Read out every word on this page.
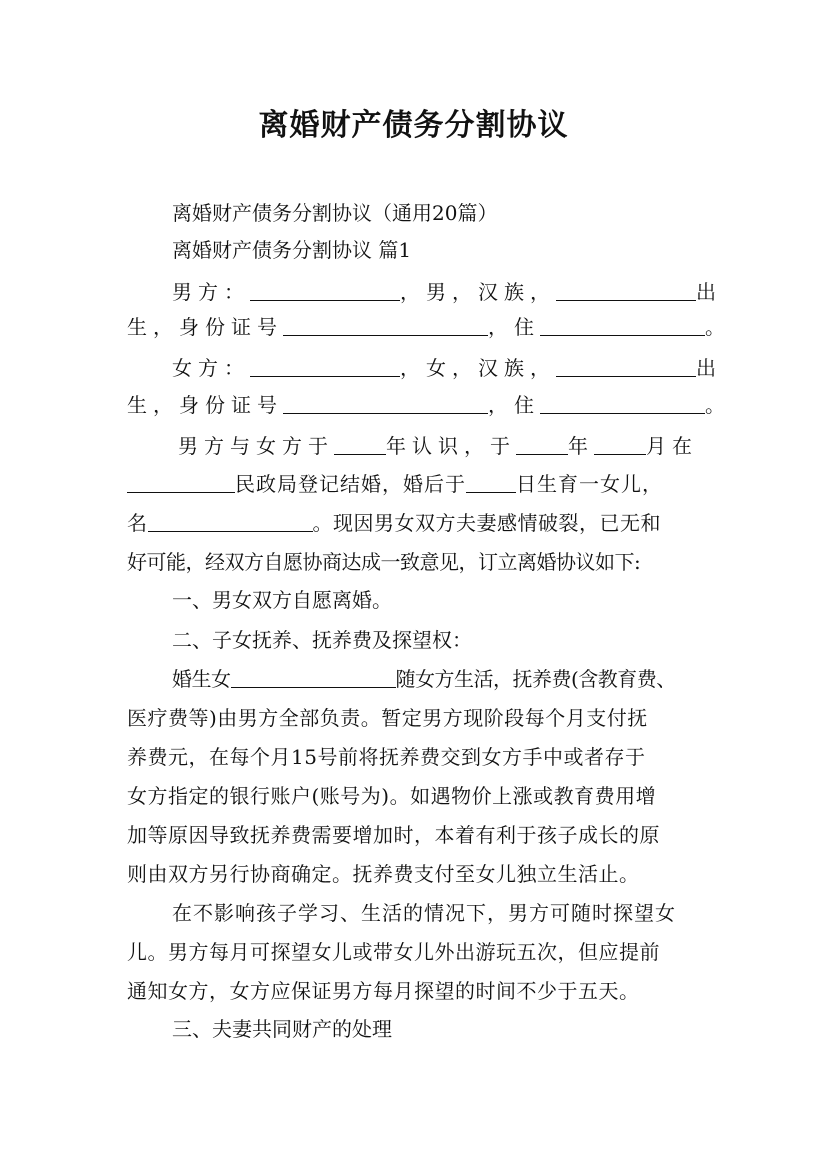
离婚财产债务分割协议
离婚财产债务分割协议（通用20篇）
离婚财产债务分割协议 篇1
男方：	，男，汉族，	出
生，身份证号	，住	。
女方：	，女，汉族，	出
生，身份证号	，住	。
男方与女方于	年认识，于	年	月在
民政局登记结婚，婚后于	日生育一女儿，
名	。现因男女双方夫妻感情破裂，已无和
好可能，经双方自愿协商达成一致意见，订立离婚协议如下:
一、男女双方自愿离婚。
二、子女抚养、抚养费及探望权：
婚生女	随女方生活，抚养费(含教育费、
医疗费等)由男方全部负责。暂定男方现阶段每个月支付抚
养费元，在每个月15号前将抚养费交到女方手中或者存于
女方指定的银行账户(账号为)。如遇物价上涨或教育费用增
加等原因导致抚养费需要增加时，本着有利于孩子成长的原
则由双方另行协商确定。抚养费支付至女儿独立生活止。
在不影响孩子学习、生活的情况下，男方可随时探望女
儿。男方每月可探望女儿或带女儿外出游玩五次，但应提前
通知女方，女方应保证男方每月探望的时间不少于五天。
三、夫妻共同财产的处理
